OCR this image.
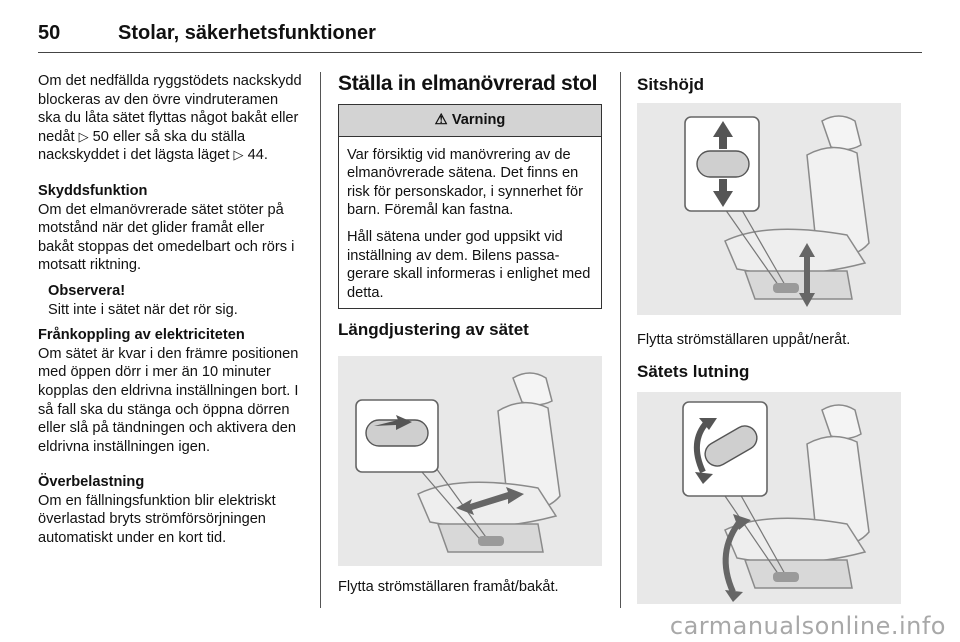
50	Stolar, säkerhetsfunktioner

Om det nedfällda ryggstödets nackskydd blockeras av den övre vindruteramen ska du låta sätet flyttas något bakåt eller nedåt ▷ 50 eller så ska du ställa nackskyddet i det lägsta läget ▷ 44.

Skyddsfunktion

Om det elmanövrerade sätet stöter på motstånd när det glider framåt eller bakåt stoppas det omedelbart och rörs i motsatt riktning.

Observera!

Sitt inte i sätet när det rör sig.

Frånkoppling av elektriciteten

Om sätet är kvar i den främre positionen med öppen dörr i mer än 10 minuter kopplas den eldrivna inställningen bort. I så fall ska du stänga och öppna dörren eller slå på tändningen och aktivera den eldrivna inställningen igen.

Överbelastning

Om en fällningsfunktion blir elektriskt överlastad bryts strömförsörjningen automatiskt under en kort tid.

Ställa in elmanövrerad stol
⚠ Varning

Var försiktig vid manövrering av de elmanövrerade sätena. Det finns en risk för personskador, i synnerhet för barn. Föremål kan fastna.

Håll sätena under god uppsikt vid inställning av dem. Bilens passagerare skall informeras i enlighet med detta.

Längdjustering av sätet

Flytta strömställaren framåt/bakåt.

Sitshöjd

Flytta strömställaren uppåt/neråt.

Sätets lutning
carmanualsonline.info
